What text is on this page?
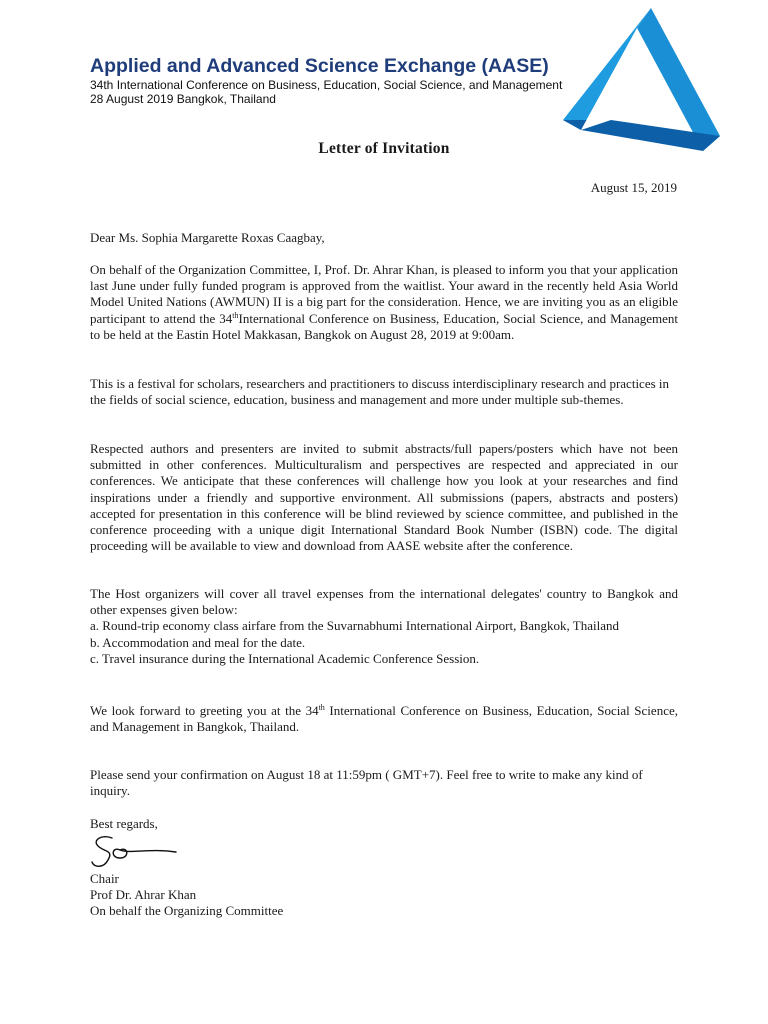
Applied and Advanced Science Exchange (AASE)
34th International Conference on Business, Education, Social Science, and Management
28 August 2019 Bangkok, Thailand
Letter of Invitation
August 15, 2019
Dear Ms. Sophia Margarette Roxas Caagbay,
On behalf of the Organization Committee, I, Prof. Dr. Ahrar Khan, is pleased to inform you that your application last June under fully funded program is approved from the waitlist. Your award in the recently held Asia World Model United Nations (AWMUN) II is a big part for the consideration. Hence, we are inviting you as an eligible participant to attend the 34thInternational Conference on Business, Education, Social Science, and Management to be held at the Eastin Hotel Makkasan, Bangkok on August 28, 2019 at 9:00am.
This is a festival for scholars, researchers and practitioners to discuss interdisciplinary research and practices in the fields of social science, education, business and management and more under multiple sub-themes.
Respected authors and presenters are invited to submit abstracts/full papers/posters which have not been submitted in other conferences. Multiculturalism and perspectives are respected and appreciated in our conferences. We anticipate that these conferences will challenge how you look at your researches and find inspirations under a friendly and supportive environment. All submissions (papers, abstracts and posters) accepted for presentation in this conference will be blind reviewed by science committee, and published in the conference proceeding with a unique digit International Standard Book Number (ISBN) code. The digital proceeding will be available to view and download from AASE website after the conference.
The Host organizers will cover all travel expenses from the international delegates' country to Bangkok and other expenses given below:
a. Round-trip economy class airfare from the Suvarnabhumi International Airport, Bangkok, Thailand
b. Accommodation and meal for the date.
c. Travel insurance during the International Academic Conference Session.
We look forward to greeting you at the 34th International Conference on Business, Education, Social Science, and Management in Bangkok, Thailand.
Please send your confirmation on August 18 at 11:59pm ( GMT+7). Feel free to write to make any kind of inquiry.
Best regards,
Chair
Prof Dr. Ahrar Khan
On behalf the Organizing Committee
